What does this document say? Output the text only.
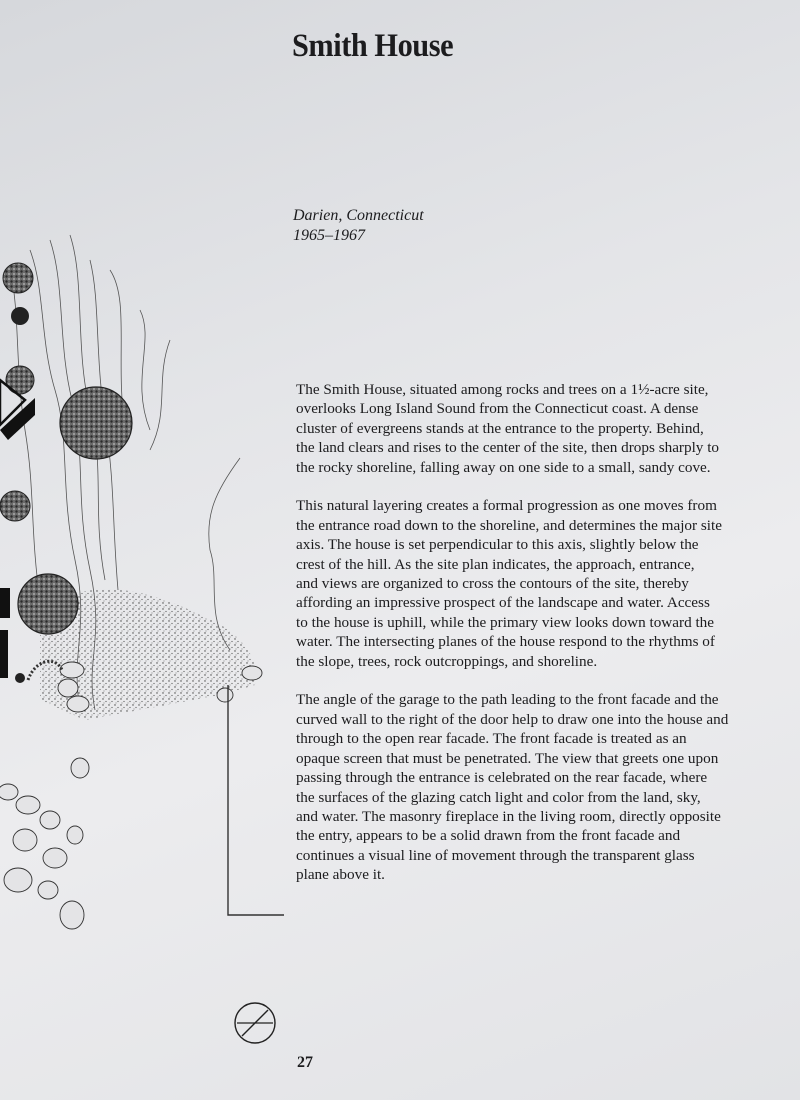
Smith House
Darien, Connecticut
1965–1967

The Smith House, situated among rocks and trees on a 1½-acre site,
overlooks Long Island Sound from the Connecticut coast. A dense
cluster of evergreens stands at the entrance to the property. Behind,
the land clears and rises to the center of the site, then drops sharply to
the rocky shoreline, falling away on one side to a small, sandy cove.

This natural layering creates a formal progression as one moves from
the entrance road down to the shoreline, and determines the major site
axis. The house is set perpendicular to this axis, slightly below the
crest of the hill. As the site plan indicates, the approach, entrance,
and views are organized to cross the contours of the site, thereby
affording an impressive prospect of the landscape and water. Access
to the house is uphill, while the primary view looks down toward the
water. The intersecting planes of the house respond to the rhythms of
the slope, trees, rock outcroppings, and shoreline.

The angle of the garage to the path leading to the front facade and the
curved wall to the right of the door help to draw one into the house and
through to the open rear facade. The front facade is treated as an
opaque screen that must be penetrated. The view that greets one upon
passing through the entrance is celebrated on the rear facade, where
the surfaces of the glazing catch light and color from the land, sky,
and water. The masonry fireplace in the living room, directly opposite
the entry, appears to be a solid drawn from the front facade and
continues a visual line of movement through the transparent glass
plane above it.

27
